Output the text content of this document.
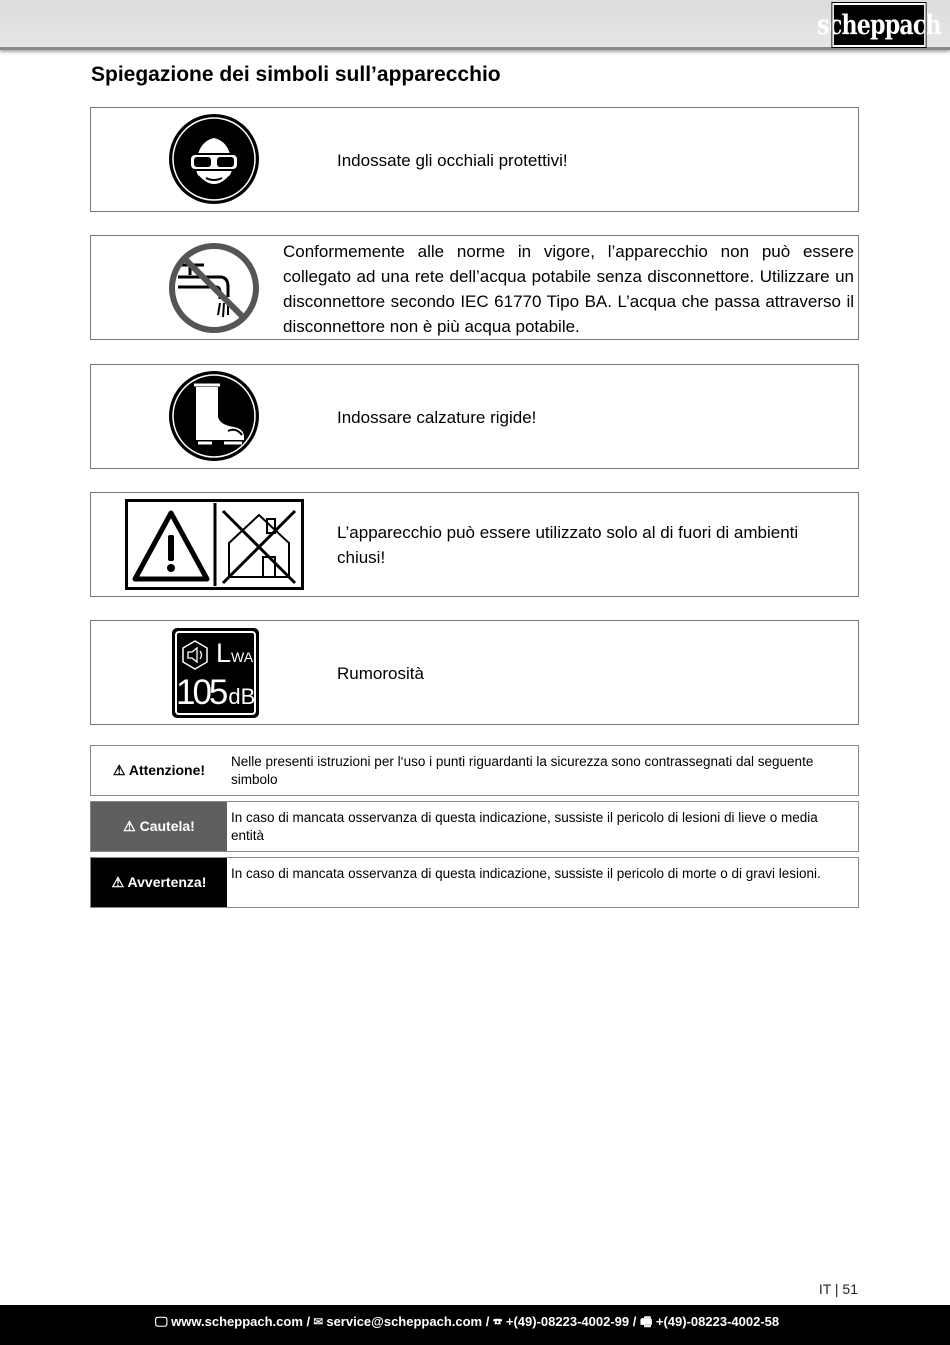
scheppach
Spiegazione dei simboli sull’apparecchio
Indossate gli occhiali protettivi!
Conformemente alle norme in vigore, l’apparecchio non può essere collegato ad una rete dell’acqua potabile senza disconnettore. Utilizzare un disconnettore secondo IEC 61770 Tipo BA. L’acqua che passa attraverso il disconnettore non è più acqua potabile.
Indossare calzature rigide!
L’apparecchio può essere utilizzato solo al di fuori di ambienti chiusi!
LWA
105 dB
Rumorosità
⚠ Attenzione!
Nelle presenti istruzioni per l‘uso i punti riguardanti la sicurezza sono contrassegnati dal seguente simbolo
⚠ Cautela!
In caso di mancata osservanza di questa indicazione, sussiste il pericolo di lesioni di lieve o media entità
⚠ Avvertenza!
In caso di mancata osservanza di questa indicazione, sussiste il pericolo di morte o di gravi lesioni.
IT | 51
🖵 www.scheppach.com / ✉ service@scheppach.com / ☎ +(49)-08223-4002-99 / 🖷 +(49)-08223-4002-58
